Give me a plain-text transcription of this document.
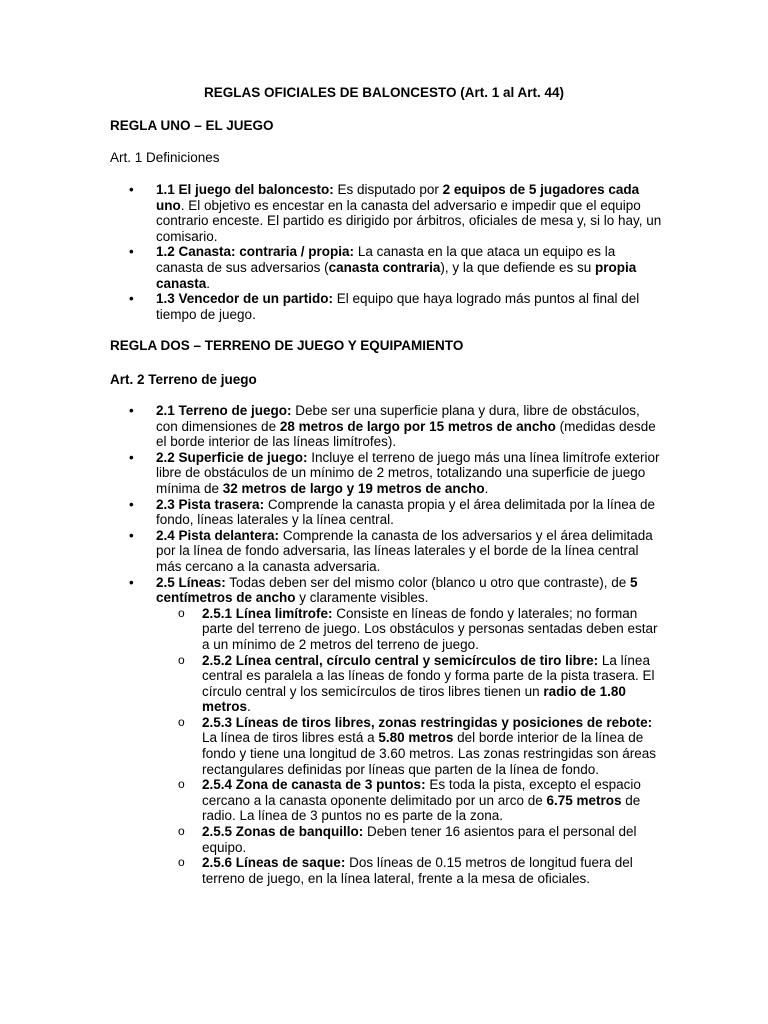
REGLAS OFICIALES DE BALONCESTO (Art. 1 al Art. 44)
REGLA UNO – EL JUEGO
Art. 1 Definiciones
• 1.1 El juego del baloncesto: Es disputado por 2 equipos de 5 jugadores cada uno. El objetivo es encestar en la canasta del adversario e impedir que el equipo contrario enceste. El partido es dirigido por árbitros, oficiales de mesa y, si lo hay, un comisario.
• 1.2 Canasta: contraria / propia: La canasta en la que ataca un equipo es la canasta de sus adversarios (canasta contraria), y la que defiende es su propia canasta.
• 1.3 Vencedor de un partido: El equipo que haya logrado más puntos al final del tiempo de juego.
REGLA DOS – TERRENO DE JUEGO Y EQUIPAMIENTO
Art. 2 Terreno de juego
• 2.1 Terreno de juego: Debe ser una superficie plana y dura, libre de obstáculos, con dimensiones de 28 metros de largo por 15 metros de ancho (medidas desde el borde interior de las líneas limítrofes).
• 2.2 Superficie de juego: Incluye el terreno de juego más una línea limítrofe exterior libre de obstáculos de un mínimo de 2 metros, totalizando una superficie de juego mínima de 32 metros de largo y 19 metros de ancho.
• 2.3 Pista trasera: Comprende la canasta propia y el área delimitada por la línea de fondo, líneas laterales y la línea central.
• 2.4 Pista delantera: Comprende la canasta de los adversarios y el área delimitada por la línea de fondo adversaria, las líneas laterales y el borde de la línea central más cercano a la canasta adversaria.
• 2.5 Líneas: Todas deben ser del mismo color (blanco u otro que contraste), de 5 centímetros de ancho y claramente visibles.
o 2.5.1 Línea limítrofe: Consiste en líneas de fondo y laterales; no forman parte del terreno de juego. Los obstáculos y personas sentadas deben estar a un mínimo de 2 metros del terreno de juego.
o 2.5.2 Línea central, círculo central y semicírculos de tiro libre: La línea central es paralela a las líneas de fondo y forma parte de la pista trasera. El círculo central y los semicírculos de tiros libres tienen un radio de 1.80 metros.
o 2.5.3 Líneas de tiros libres, zonas restringidas y posiciones de rebote: La línea de tiros libres está a 5.80 metros del borde interior de la línea de fondo y tiene una longitud de 3.60 metros. Las zonas restringidas son áreas rectangulares definidas por líneas que parten de la línea de fondo.
o 2.5.4 Zona de canasta de 3 puntos: Es toda la pista, excepto el espacio cercano a la canasta oponente delimitado por un arco de 6.75 metros de radio. La línea de 3 puntos no es parte de la zona.
o 2.5.5 Zonas de banquillo: Deben tener 16 asientos para el personal del equipo.
o 2.5.6 Líneas de saque: Dos líneas de 0.15 metros de longitud fuera del terreno de juego, en la línea lateral, frente a la mesa de oficiales.
